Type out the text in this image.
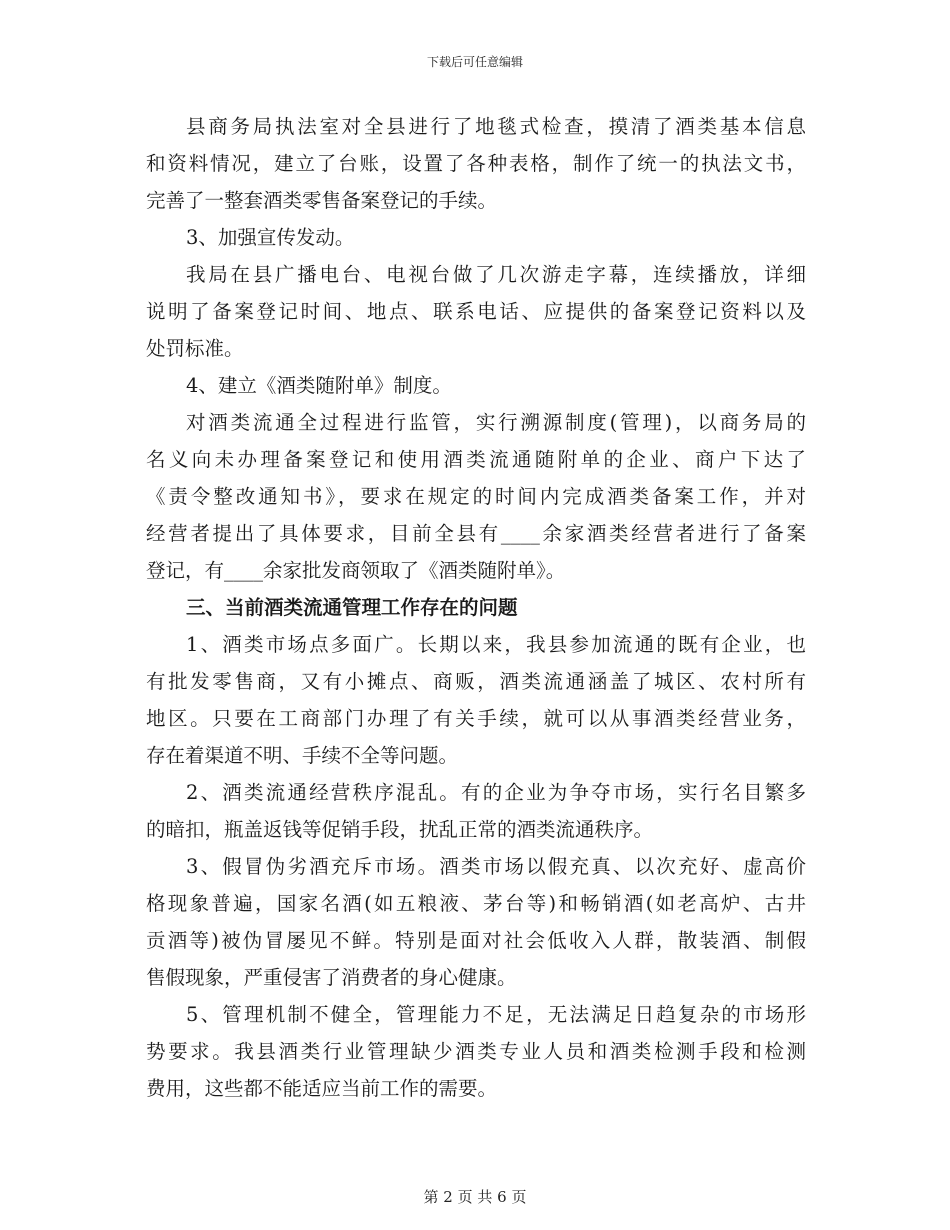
下载后可任意编辑
县商务局执法室对全县进行了地毯式检查，摸清了酒类基本信息
和资料情况，建立了台账，设置了各种表格，制作了统一的执法文书，
完善了一整套酒类零售备案登记的手续。
3、加强宣传发动。
我局在县广播电台、电视台做了几次游走字幕，连续播放，详细
说明了备案登记时间、地点、联系电话、应提供的备案登记资料以及
处罚标准。
4、建立《酒类随附单》制度。
对酒类流通全过程进行监管，实行溯源制度(管理)，以商务局的
名义向未办理备案登记和使用酒类流通随附单的企业、商户下达了
《责令整改通知书》，要求在规定的时间内完成酒类备案工作，并对
经营者提出了具体要求，目前全县有____余家酒类经营者进行了备案
登记，有____余家批发商领取了《酒类随附单》。
三、当前酒类流通管理工作存在的问题
1、酒类市场点多面广。长期以来，我县参加流通的既有企业，也
有批发零售商，又有小摊点、商贩，酒类流通涵盖了城区、农村所有
地区。只要在工商部门办理了有关手续，就可以从事酒类经营业务，
存在着渠道不明、手续不全等问题。
2、酒类流通经营秩序混乱。有的企业为争夺市场，实行名目繁多
的暗扣，瓶盖返钱等促销手段，扰乱正常的酒类流通秩序。
3、假冒伪劣酒充斥市场。酒类市场以假充真、以次充好、虚高价
格现象普遍，国家名酒(如五粮液、茅台等)和畅销酒(如老高炉、古井
贡酒等)被伪冒屡见不鲜。特别是面对社会低收入人群，散装酒、制假
售假现象，严重侵害了消费者的身心健康。
5、管理机制不健全，管理能力不足，无法满足日趋复杂的市场形
势要求。我县酒类行业管理缺少酒类专业人员和酒类检测手段和检测
费用，这些都不能适应当前工作的需要。
第 2 页 共 6 页
